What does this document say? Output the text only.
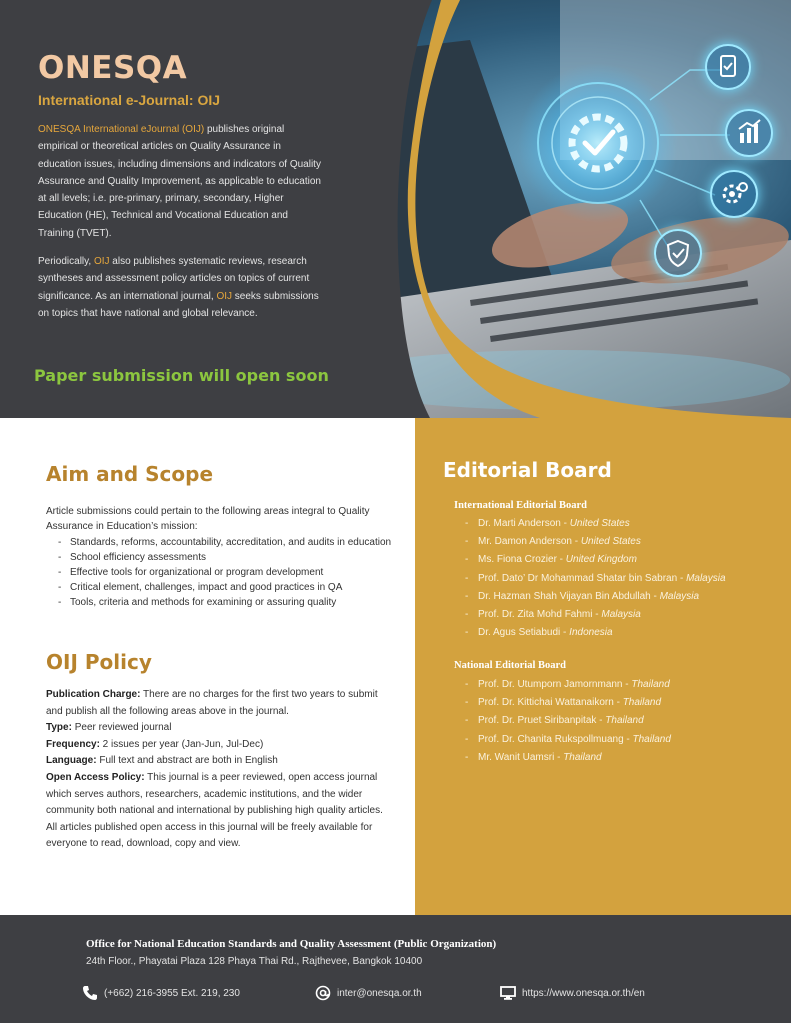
ONESQA
International e-Journal: OIJ

ONESQA International eJournal (OIJ) publishes original empirical or theoretical articles on Quality Assurance in education issues, including dimensions and indicators of Quality Assurance and Quality Improvement, as applicable to education at all levels; i.e. pre-primary, primary, secondary, Higher Education (HE), Technical and Vocational Education and Training (TVET).

Periodically, OIJ also publishes systematic reviews, research syntheses and assessment policy articles on topics of current significance. As an international journal, OIJ seeks submissions on topics that have national and global relevance.

Paper submission will open soon
Aim and Scope

Article submissions could pertain to the following areas integral to Quality Assurance in Education’s mission:

- Standards, reforms, accountability, accreditation, and audits in education
- School efficiency assessments
- Effective tools for organizational or program development
- Critical element, challenges, impact and good practices in QA
- Tools, criteria and methods for examining or assuring quality
OIJ Policy
Publication Charge: There are no charges for the first two years to submit and publish all the following areas above in the journal.
Type: Peer reviewed journal
Frequency: 2 issues per year (Jan-Jun, Jul-Dec)
Language: Full text and abstract are both in English
Open Access Policy: This journal is a peer reviewed, open access journal which serves authors, researchers, academic institutions, and the wider community both national and international by publishing high quality articles. All articles published open access in this journal will be freely available for everyone to read, download, copy and view.
Editorial Board
International Editorial Board
- Dr. Marti Anderson - United States
- Mr. Damon Anderson - United States
- Ms. Fiona Crozier - United Kingdom
- Prof. Dato’ Dr Mohammad Shatar bin Sabran - Malaysia
- Dr. Hazman Shah Vijayan Bin Abdullah - Malaysia
- Prof. Dr. Zita Mohd Fahmi - Malaysia
- Dr. Agus Setiabudi - Indonesia
National Editorial Board
- Prof. Dr. Utumporn Jamornmann - Thailand
- Prof. Dr. Kittichai Wattanaikorn - Thailand
- Prof. Dr. Pruet Siribanpitak - Thailand
- Prof. Dr. Chanita Rukspollmuang - Thailand
- Mr. Wanit Uamsri - Thailand
Office for National Education Standards and Quality Assessment (Public Organization)
24th Floor., Phayatai Plaza 128 Phaya Thai Rd., Rajthevee, Bangkok 10400
(+662) 216-3955 Ext. 219, 230	inter@onesqa.or.th	https://www.onesqa.or.th/en
